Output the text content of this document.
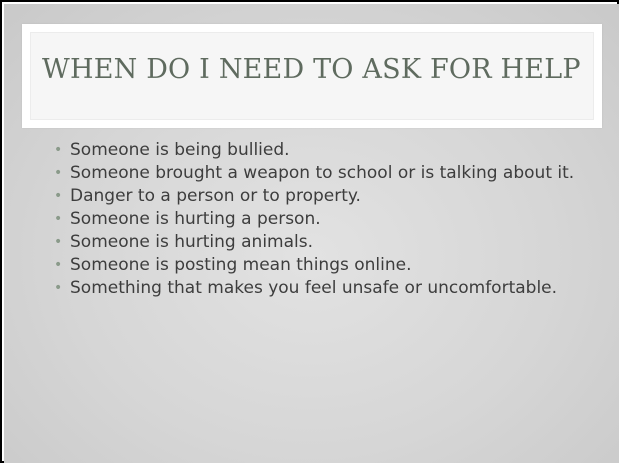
WHEN DO I NEED TO ASK FOR HELP
• Someone is being bullied.
• Someone brought a weapon to school or is talking about it.
• Danger to a person or to property.
• Someone is hurting a person.
• Someone is hurting animals.
• Someone is posting mean things online.
• Something that makes you feel unsafe or uncomfortable.
